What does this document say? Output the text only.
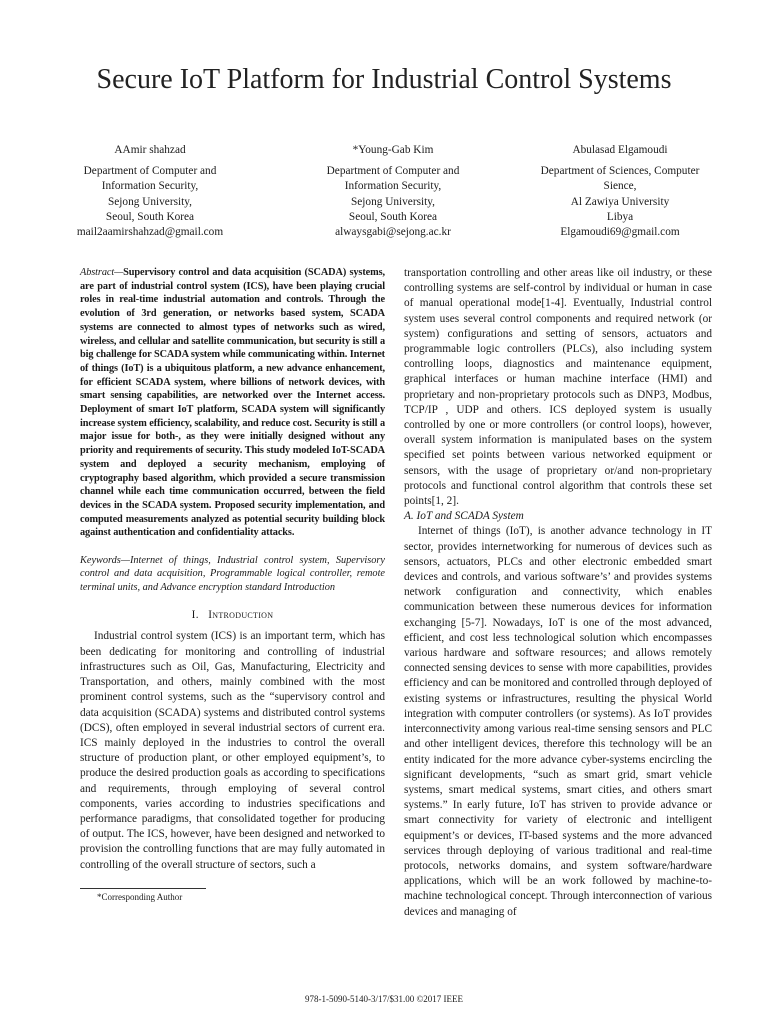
Secure IoT Platform for Industrial Control Systems
AAmir shahzad
Department of Computer and
Information Security,
Sejong University,
Seoul, South Korea
mail2aamirshahzad@gmail.com
*Young-Gab Kim
Department of Computer and
Information Security,
Sejong University,
Seoul, South Korea
alwaysgabi@sejong.ac.kr
Abulasad Elgamoudi
Department of Sciences, Computer
Sience,
Al Zawiya University
Libya
Elgamoudi69@gmail.com

Abstract—Supervisory control and data acquisition (SCADA) systems, are part of industrial control system (ICS), have been playing crucial roles in real-time industrial automation and controls. Through the evolution of 3rd generation, or networks based system, SCADA systems are connected to almost types of networks such as wired, wireless, and cellular and satellite communication, but security is still a big challenge for SCADA system while communicating within. Internet of things (IoT) is a ubiquitous platform, a new advance enhancement, for efficient SCADA system, where billions of network devices, with smart sensing capabilities, are networked over the Internet access. Deployment of smart IoT platform, SCADA system will significantly increase system efficiency, scalability, and reduce cost. Security is still a major issue for both-, as they were initially designed without any priority and requirements of security. This study modeled IoT-SCADA system and deployed a security mechanism, employing of cryptography based algorithm, which provided a secure transmission channel while each time communication occurred, between the field devices in the SCADA system. Proposed security implementation, and computed measurements analyzed as potential security building block against authentication and confidentiality attacks.

Keywords—Internet of things, Industrial control system, Supervisory control and data acquisition, Programmable logical controller, remote terminal units, and Advance encryption standard Introduction

I. Introduction

Industrial control system (ICS) is an important term, which has been dedicating for monitoring and controlling of industrial infrastructures such as Oil, Gas, Manufacturing, Electricity and Transportation, and others, mainly combined with the most prominent control systems, such as the “supervisory control and data acquisition (SCADA) systems and distributed control systems (DCS), often employed in several industrial sectors of current era. ICS mainly deployed in the industries to control the overall structure of production plant, or other employed equipment’s, to produce the desired production goals as according to specifications and requirements, through employing of several control components, varies according to industries specifications and performance paradigms, that consolidated together for producing of output. The ICS, however, have been designed and networked to provision the controlling functions that are may fully automated in controlling of the overall structure of sectors, such a

transportation controlling and other areas like oil industry, or these controlling systems are self-control by individual or human in case of manual operational mode[1-4]. Eventually, Industrial control system uses several control components and required network (or system) configurations and setting of sensors, actuators and programmable logic controllers (PLCs), also including system controlling loops, diagnostics and maintenance equipment, graphical interfaces or human machine interface (HMI) and proprietary and non-proprietary protocols such as DNP3, Modbus, TCP/IP , UDP and others. ICS deployed system is usually controlled by one or more controllers (or control loops), however, overall system information is manipulated bases on the system specified set points between various networked equipment or sensors, with the usage of proprietary or/and non-proprietary protocols and functional control algorithm that controls these set points[1, 2].

A. IoT and SCADA System

Internet of things (IoT), is another advance technology in IT sector, provides internetworking for numerous of devices such as sensors, actuators, PLCs and other electronic embedded smart devices and controls, and various software’s’ and provides systems network configuration and connectivity, which enables communication between these numerous devices for information exchanging [5-7]. Nowadays, IoT is one of the most advanced, efficient, and cost less technological solution which encompasses various hardware and software resources; and allows remotely connected sensing devices to sense with more capabilities, provides efficiency and can be monitored and controlled through deployed of existing systems or infrastructures, resulting the physical World integration with computer controllers (or systems). As IoT provides interconnectivity among various real-time sensing sensors and PLC and other intelligent devices, therefore this technology will be an entity indicated for the more advance cyber-systems encircling the significant developments, “such as smart grid, smart vehicle systems, smart medical systems, smart cities, and others smart systems.” In early future, IoT has striven to provide advance or smart connectivity for variety of electronic and intelligent equipment’s or devices, IT-based systems and the more advanced services through deploying of various traditional and real-time protocols, networks domains, and system software/hardware applications, which will be an work followed by machine-to-machine technological concept. Through interconnection of various devices and managing of

*Corresponding Author
978-1-5090-5140-3/17/$31.00 ©2017 IEEE
